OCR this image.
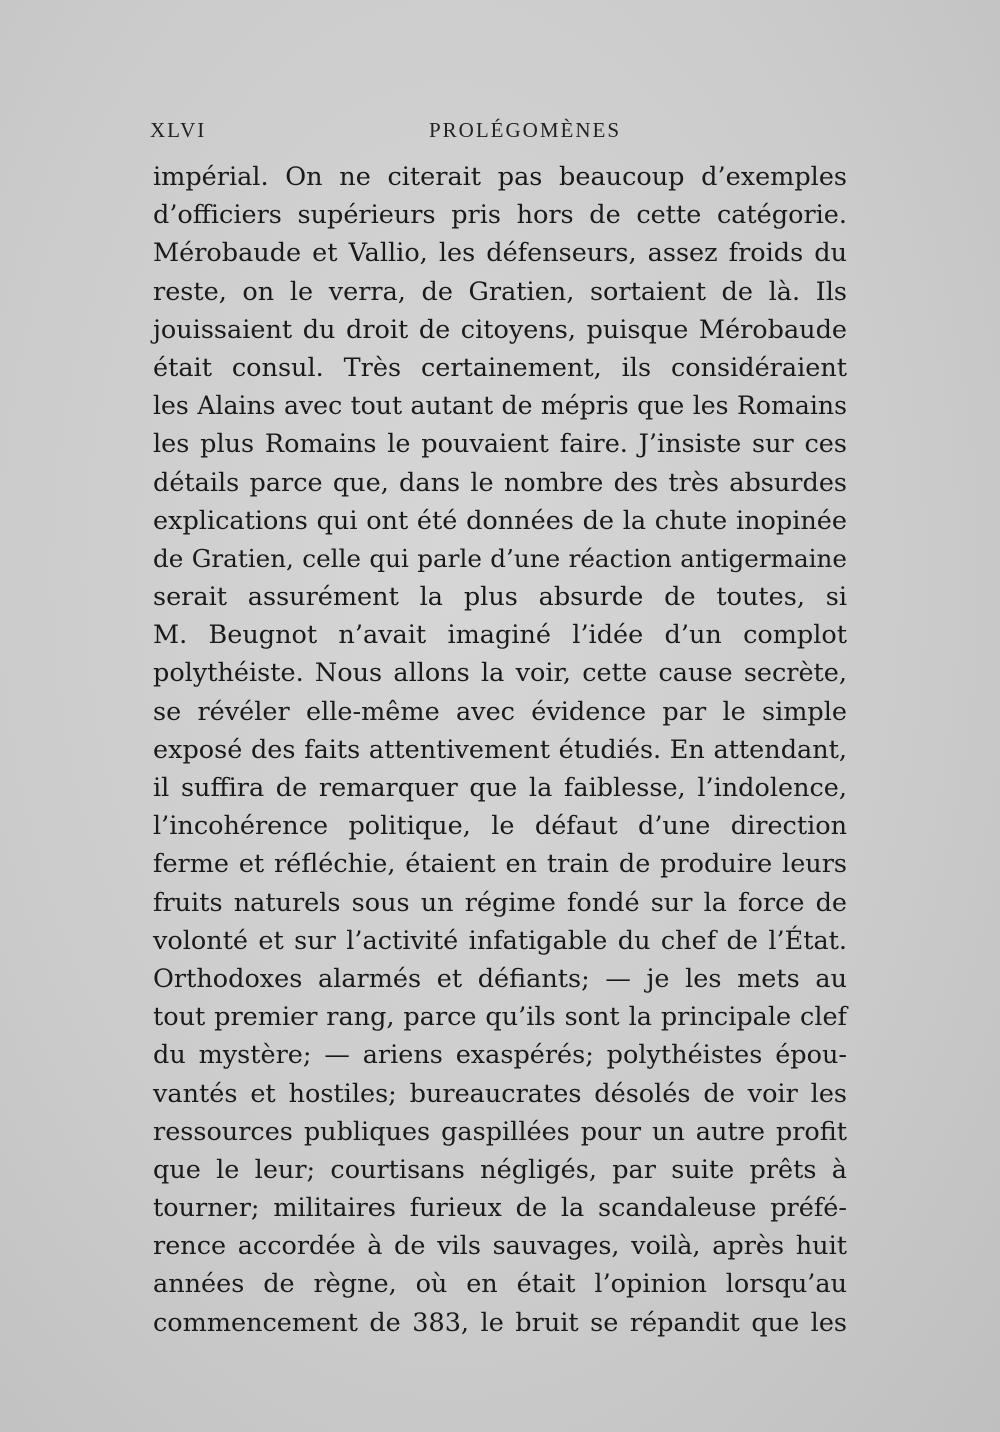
XLVI	PROLÉGOMÈNES
impérial. On ne citerait pas beaucoup d’exemples
d’officiers supérieurs pris hors de cette catégorie.
Mérobaude et Vallio, les défenseurs, assez froids du
reste, on le verra, de Gratien, sortaient de là. Ils
jouissaient du droit de citoyens, puisque Mérobaude
était consul. Très certainement, ils considéraient
les Alains avec tout autant de mépris que les Romains
les plus Romains le pouvaient faire. J’insiste sur ces
détails parce que, dans le nombre des très absurdes
explications qui ont été données de la chute inopinée
de Gratien, celle qui parle d’une réaction antigermaine
serait assurément la plus absurde de toutes, si
M. Beugnot n’avait imaginé l’idée d’un complot
polythéiste. Nous allons la voir, cette cause secrète,
se révéler elle-même avec évidence par le simple
exposé des faits attentivement étudiés. En attendant,
il suffira de remarquer que la faiblesse, l’indolence,
l’incohérence politique, le défaut d’une direction
ferme et réfléchie, étaient en train de produire leurs
fruits naturels sous un régime fondé sur la force de
volonté et sur l’activité infatigable du chef de l’État.
Orthodoxes alarmés et défiants; — je les mets au
tout premier rang, parce qu’ils sont la principale clef
du mystère; — ariens exaspérés; polythéistes épou-
vantés et hostiles; bureaucrates désolés de voir les
ressources publiques gaspillées pour un autre profit
que le leur; courtisans négligés, par suite prêts à
tourner; militaires furieux de la scandaleuse préfé-
rence accordée à de vils sauvages, voilà, après huit
années de règne, où en était l’opinion lorsqu’au
commencement de 383, le bruit se répandit que les
